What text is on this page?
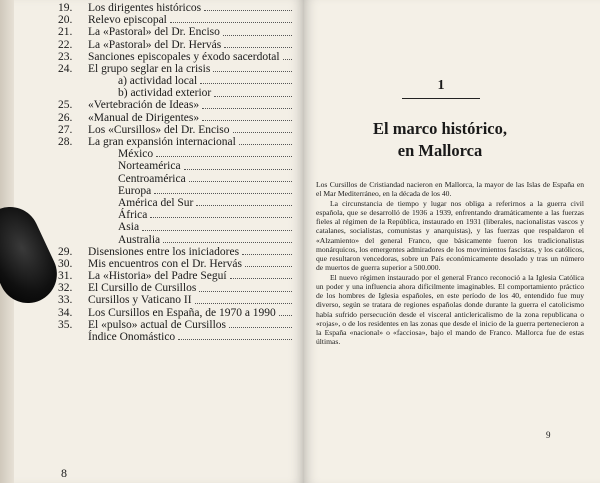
19.	Los dirigentes históricos
20.	Relevo episcopal
21.	La «Pastoral» del Dr. Enciso
22.	La «Pastoral» del Dr. Hervás
23.	Sanciones episcopales y éxodo sacerdotal
24.	El grupo seglar en la crisis
a) actividad local
b) actividad exterior
25.	«Vertebración de Ideas»
26.	«Manual de Dirigentes»
27.	Los «Cursillos» del Dr. Enciso
28.	La gran expansión internacional
México
Norteamérica
Centroamérica
Europa
América del Sur
África
Asia
Australia
29.	Disensiones entre los iniciadores
30.	Mis encuentros con el Dr. Hervás
31.	La «Historia» del Padre Seguí
32.	El Cursillo de Cursillos
33.	Cursillos y Vaticano II
34.	Los Cursillos en España, de 1970 a 1990
35.	El «pulso» actual de Cursillos
Índice Onomástico
8
1
El marco histórico,
en Mallorca

Los Cursillos de Cristiandad nacieron en Mallorca, la mayor de las Islas de España en el Mar Mediterráneo, en la década de los 40.

La circunstancia de tiempo y lugar nos obliga a referirnos a la guerra civil española, que se desarrolló de 1936 a 1939, enfrentando dramáticamente a las fuerzas fieles al régimen de la República, instaurado en 1931 (liberales, nacionalistas vascos y catalanes, socialistas, comunistas y anarquistas), y las fuerzas que respaldaron el «Alzamiento» del general Franco, que básicamente fueron los tradicionalistas monárquicos, los emergentes admiradores de los movimientos fascistas, y los católicos, que resultaron vencedoras, sobre un País económicamente desolado y tras un número de muertos de guerra superior a 500.000.

El nuevo régimen instaurado por el general Franco reconoció a la Iglesia Católica un poder y una influencia ahora difícilmente imaginables. El comportamiento práctico de los hombres de Iglesia españoles, en este período de los 40, entendido fue muy diverso, según se tratara de regiones españolas donde durante la guerra el catolicismo había sufrido persecución desde el visceral anticlericalismo de la zona republicana o «rojas», o de los residentes en las zonas que desde el inicio de la guerra pertenecieron a la España «nacional» o «facciosa», bajo el mando de Franco. Mallorca fue de estas últimas.

9
